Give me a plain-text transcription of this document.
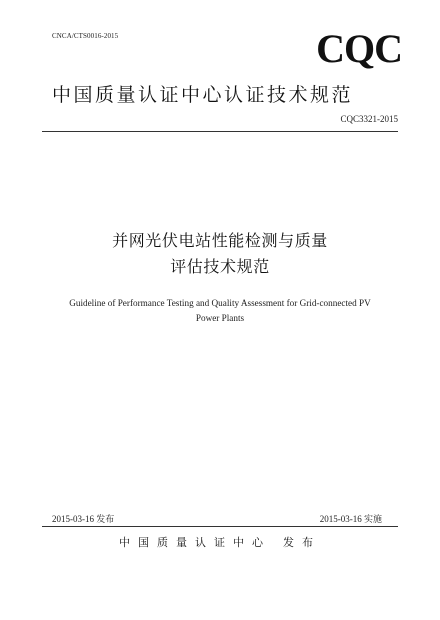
CNCA/CTS0016-2015	CQC
中国质量认证中心认证技术规范
CQC3321-2015
并网光伏电站性能检测与质量
评估技术规范
Guideline of Performance Testing and Quality Assessment for Grid-connected PV
Power Plants
2015-03-16 发布	2015-03-16 实施
中国质量认证中心 发布
